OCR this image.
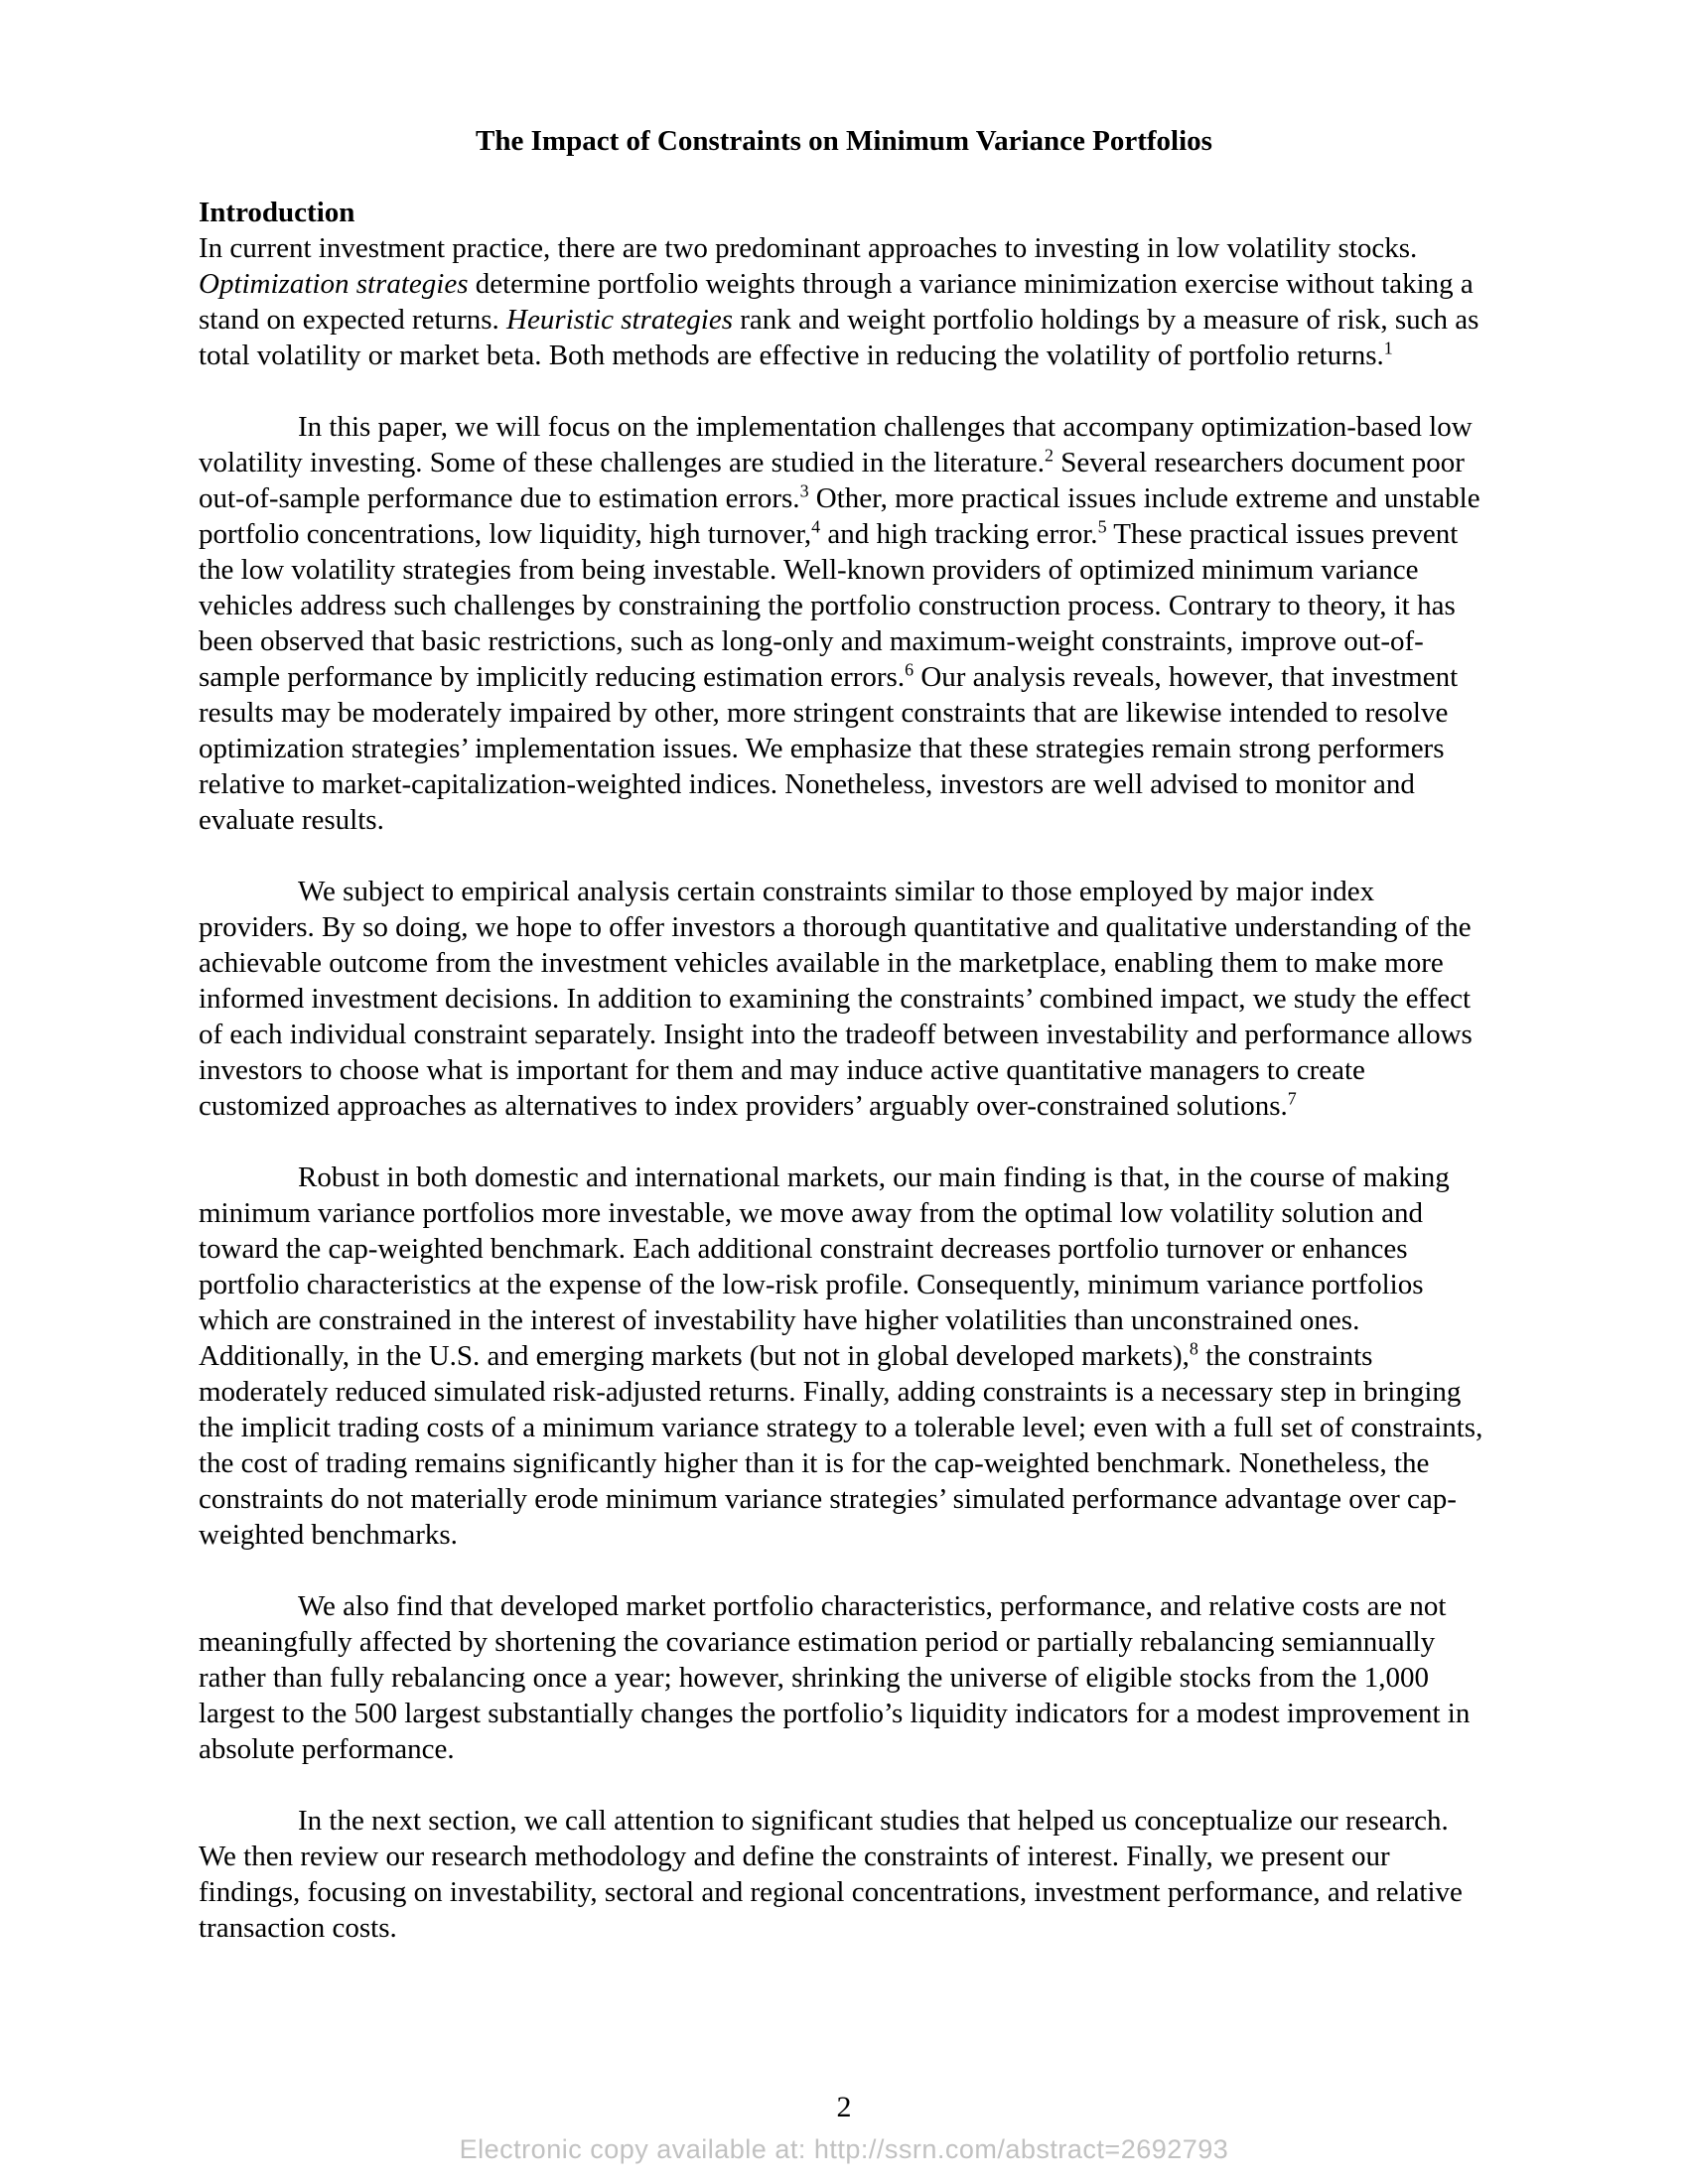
The Impact of Constraints on Minimum Variance Portfolios
Introduction

In current investment practice, there are two predominant approaches to investing in low volatility stocks. Optimization strategies determine portfolio weights through a variance minimization exercise without taking a stand on expected returns. Heuristic strategies rank and weight portfolio holdings by a measure of risk, such as total volatility or market beta. Both methods are effective in reducing the volatility of portfolio returns.$^1$

In this paper, we will focus on the implementation challenges that accompany optimization-based low volatility investing. Some of these challenges are studied in the literature.$^2$ Several researchers document poor out-of-sample performance due to estimation errors.$^3$ Other, more practical issues include extreme and unstable portfolio concentrations, low liquidity, high turnover,$^4$ and high tracking error.$^5$ These practical issues prevent the low volatility strategies from being investable. Well-known providers of optimized minimum variance vehicles address such challenges by constraining the portfolio construction process. Contrary to theory, it has been observed that basic restrictions, such as long-only and maximum-weight constraints, improve out-of-sample performance by implicitly reducing estimation errors.$^6$ Our analysis reveals, however, that investment results may be moderately impaired by other, more stringent constraints that are likewise intended to resolve optimization strategies’ implementation issues. We emphasize that these strategies remain strong performers relative to market-capitalization-weighted indices. Nonetheless, investors are well advised to monitor and evaluate results.

We subject to empirical analysis certain constraints similar to those employed by major index providers. By so doing, we hope to offer investors a thorough quantitative and qualitative understanding of the achievable outcome from the investment vehicles available in the marketplace, enabling them to make more informed investment decisions. In addition to examining the constraints’ combined impact, we study the effect of each individual constraint separately. Insight into the tradeoff between investability and performance allows investors to choose what is important for them and may induce active quantitative managers to create customized approaches as alternatives to index providers’ arguably over-constrained solutions.$^7$

Robust in both domestic and international markets, our main finding is that, in the course of making minimum variance portfolios more investable, we move away from the optimal low volatility solution and toward the cap-weighted benchmark. Each additional constraint decreases portfolio turnover or enhances portfolio characteristics at the expense of the low-risk profile. Consequently, minimum variance portfolios which are constrained in the interest of investability have higher volatilities than unconstrained ones. Additionally, in the U.S. and emerging markets (but not in global developed markets),$^8$ the constraints moderately reduced simulated risk-adjusted returns. Finally, adding constraints is a necessary step in bringing the implicit trading costs of a minimum variance strategy to a tolerable level; even with a full set of constraints, the cost of trading remains significantly higher than it is for the cap-weighted benchmark. Nonetheless, the constraints do not materially erode minimum variance strategies’ simulated performance advantage over cap-weighted benchmarks.

We also find that developed market portfolio characteristics, performance, and relative costs are not meaningfully affected by shortening the covariance estimation period or partially rebalancing semiannually rather than fully rebalancing once a year; however, shrinking the universe of eligible stocks from the 1,000 largest to the 500 largest substantially changes the portfolio’s liquidity indicators for a modest improvement in absolute performance.

In the next section, we call attention to significant studies that helped us conceptualize our research. We then review our research methodology and define the constraints of interest. Finally, we present our findings, focusing on investability, sectoral and regional concentrations, investment performance, and relative transaction costs.

2
Electronic copy available at: http://ssrn.com/abstract=2692793
